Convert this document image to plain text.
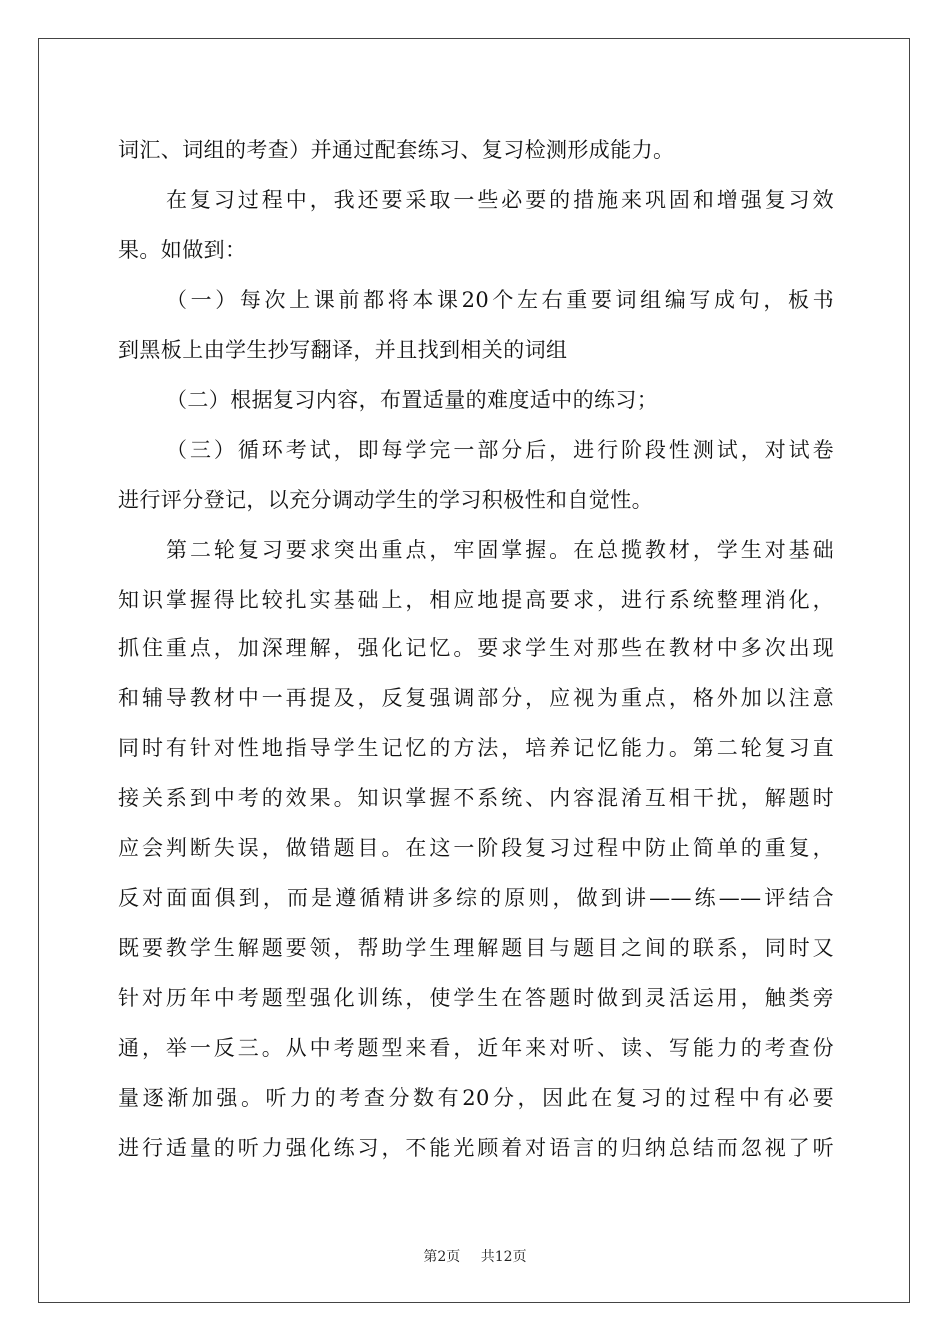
词汇、词组的考查）并通过配套练习、复习检测形成能力。
在复习过程中，我还要采取一些必要的措施来巩固和增强复习效
果。如做到：
（一）每次上课前都将本课20个左右重要词组编写成句，板书
到黑板上由学生抄写翻译，并且找到相关的词组
（二）根据复习内容，布置适量的难度适中的练习；
（三）循环考试，即每学完一部分后，进行阶段性测试，对试卷
进行评分登记，以充分调动学生的学习积极性和自觉性。
第二轮复习要求突出重点，牢固掌握。在总揽教材，学生对基础
知识掌握得比较扎实基础上，相应地提高要求，进行系统整理消化，
抓住重点，加深理解，强化记忆。要求学生对那些在教材中多次出现
和辅导教材中一再提及，反复强调部分，应视为重点，格外加以注意
同时有针对性地指导学生记忆的方法，培养记忆能力。第二轮复习直
接关系到中考的效果。知识掌握不系统、内容混淆互相干扰，解题时
应会判断失误，做错题目。在这一阶段复习过程中防止简单的重复，
反对面面俱到，而是遵循精讲多综的原则，做到讲——练——评结合
既要教学生解题要领，帮助学生理解题目与题目之间的联系，同时又
针对历年中考题型强化训练，使学生在答题时做到灵活运用，触类旁
通，举一反三。从中考题型来看，近年来对听、读、写能力的考查份
量逐渐加强。听力的考查分数有20分，因此在复习的过程中有必要
进行适量的听力强化练习，不能光顾着对语言的归纳总结而忽视了听
第2页 共12页
